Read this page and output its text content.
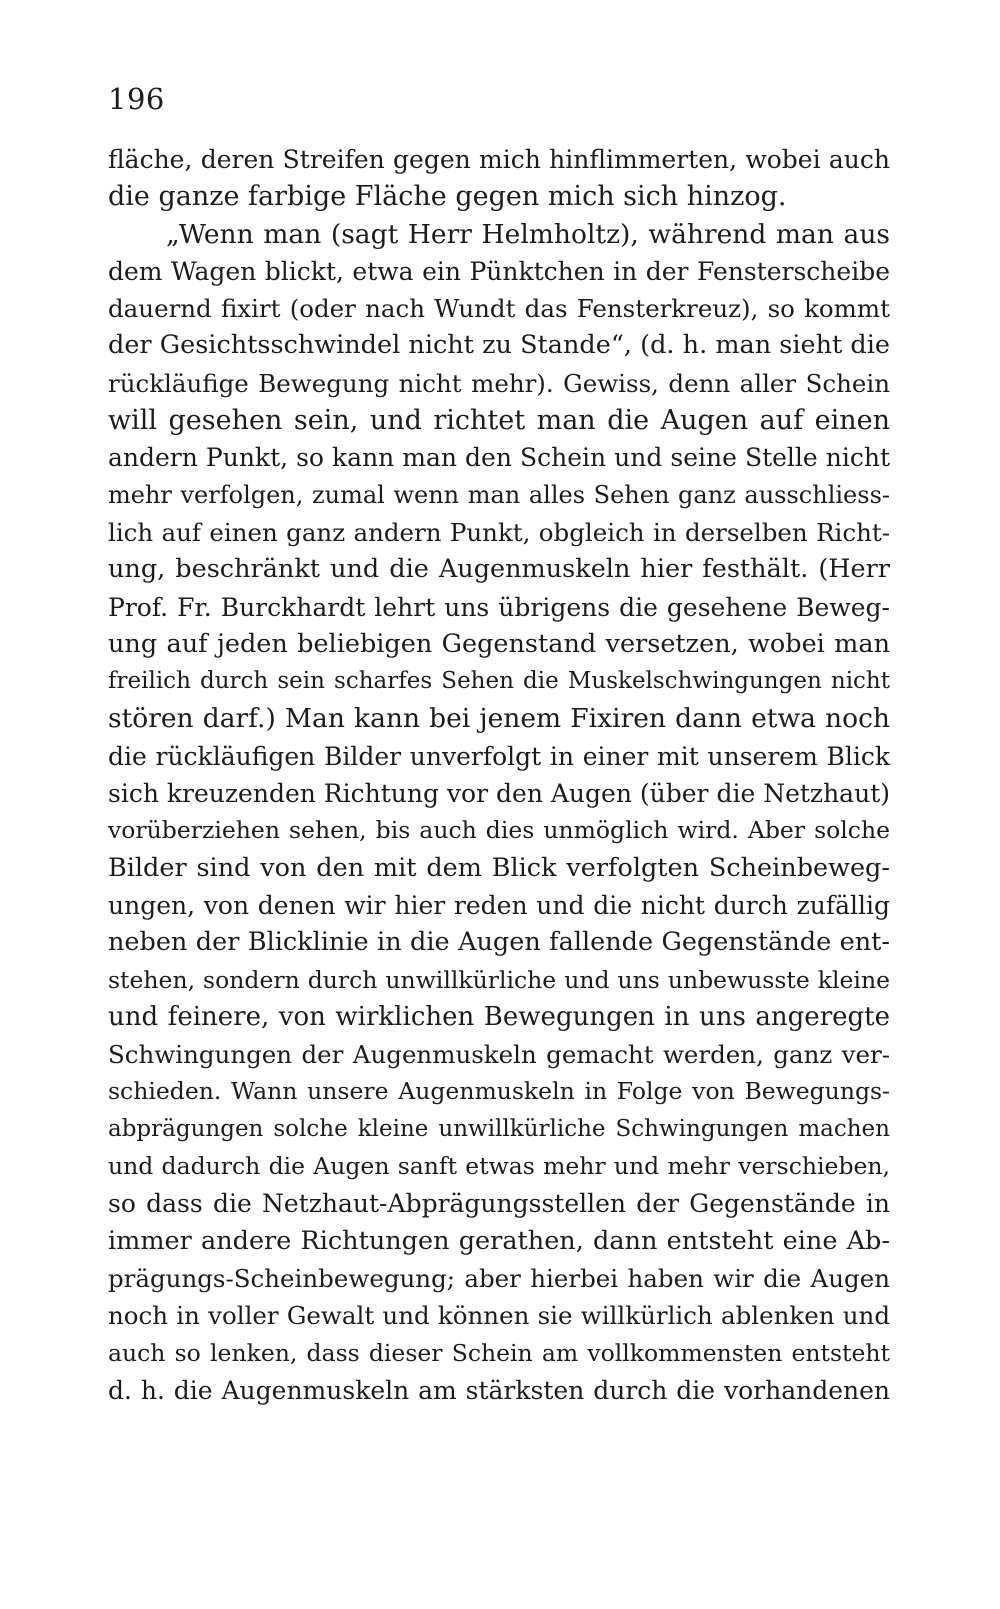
196
fläche, deren Streifen gegen mich hinflimmerten, wobei auch
die ganze farbige Fläche gegen mich sich hinzog.
„Wenn man (sagt Herr Helmholtz), während man aus
dem Wagen blickt, etwa ein Pünktchen in der Fensterscheibe
dauernd fixirt (oder nach Wundt das Fensterkreuz), so kommt
der Gesichtsschwindel nicht zu Stande“, (d. h. man sieht die
rückläufige Bewegung nicht mehr). Gewiss, denn aller Schein
will gesehen sein, und richtet man die Augen auf einen
andern Punkt, so kann man den Schein und seine Stelle nicht
mehr verfolgen, zumal wenn man alles Sehen ganz ausschliess-
lich auf einen ganz andern Punkt, obgleich in derselben Richt-
ung, beschränkt und die Augenmuskeln hier festhält. (Herr
Prof. Fr. Burckhardt lehrt uns übrigens die gesehene Beweg-
ung auf jeden beliebigen Gegenstand versetzen, wobei man
freilich durch sein scharfes Sehen die Muskelschwingungen nicht
stören darf.) Man kann bei jenem Fixiren dann etwa noch
die rückläufigen Bilder unverfolgt in einer mit unserem Blick
sich kreuzenden Richtung vor den Augen (über die Netzhaut)
vorüberziehen sehen, bis auch dies unmöglich wird. Aber solche
Bilder sind von den mit dem Blick verfolgten Scheinbeweg-
ungen, von denen wir hier reden und die nicht durch zufällig
neben der Blicklinie in die Augen fallende Gegenstände ent-
stehen, sondern durch unwillkürliche und uns unbewusste kleine
und feinere, von wirklichen Bewegungen in uns angeregte
Schwingungen der Augenmuskeln gemacht werden, ganz ver-
schieden. Wann unsere Augenmuskeln in Folge von Bewegungs-
abprägungen solche kleine unwillkürliche Schwingungen machen
und dadurch die Augen sanft etwas mehr und mehr verschieben,
so dass die Netzhaut-Abprägungsstellen der Gegenstände in
immer andere Richtungen gerathen, dann entsteht eine Ab-
prägungs-Scheinbewegung; aber hierbei haben wir die Augen
noch in voller Gewalt und können sie willkürlich ablenken und
auch so lenken, dass dieser Schein am vollkommensten entsteht
d. h. die Augenmuskeln am stärksten durch die vorhandenen
